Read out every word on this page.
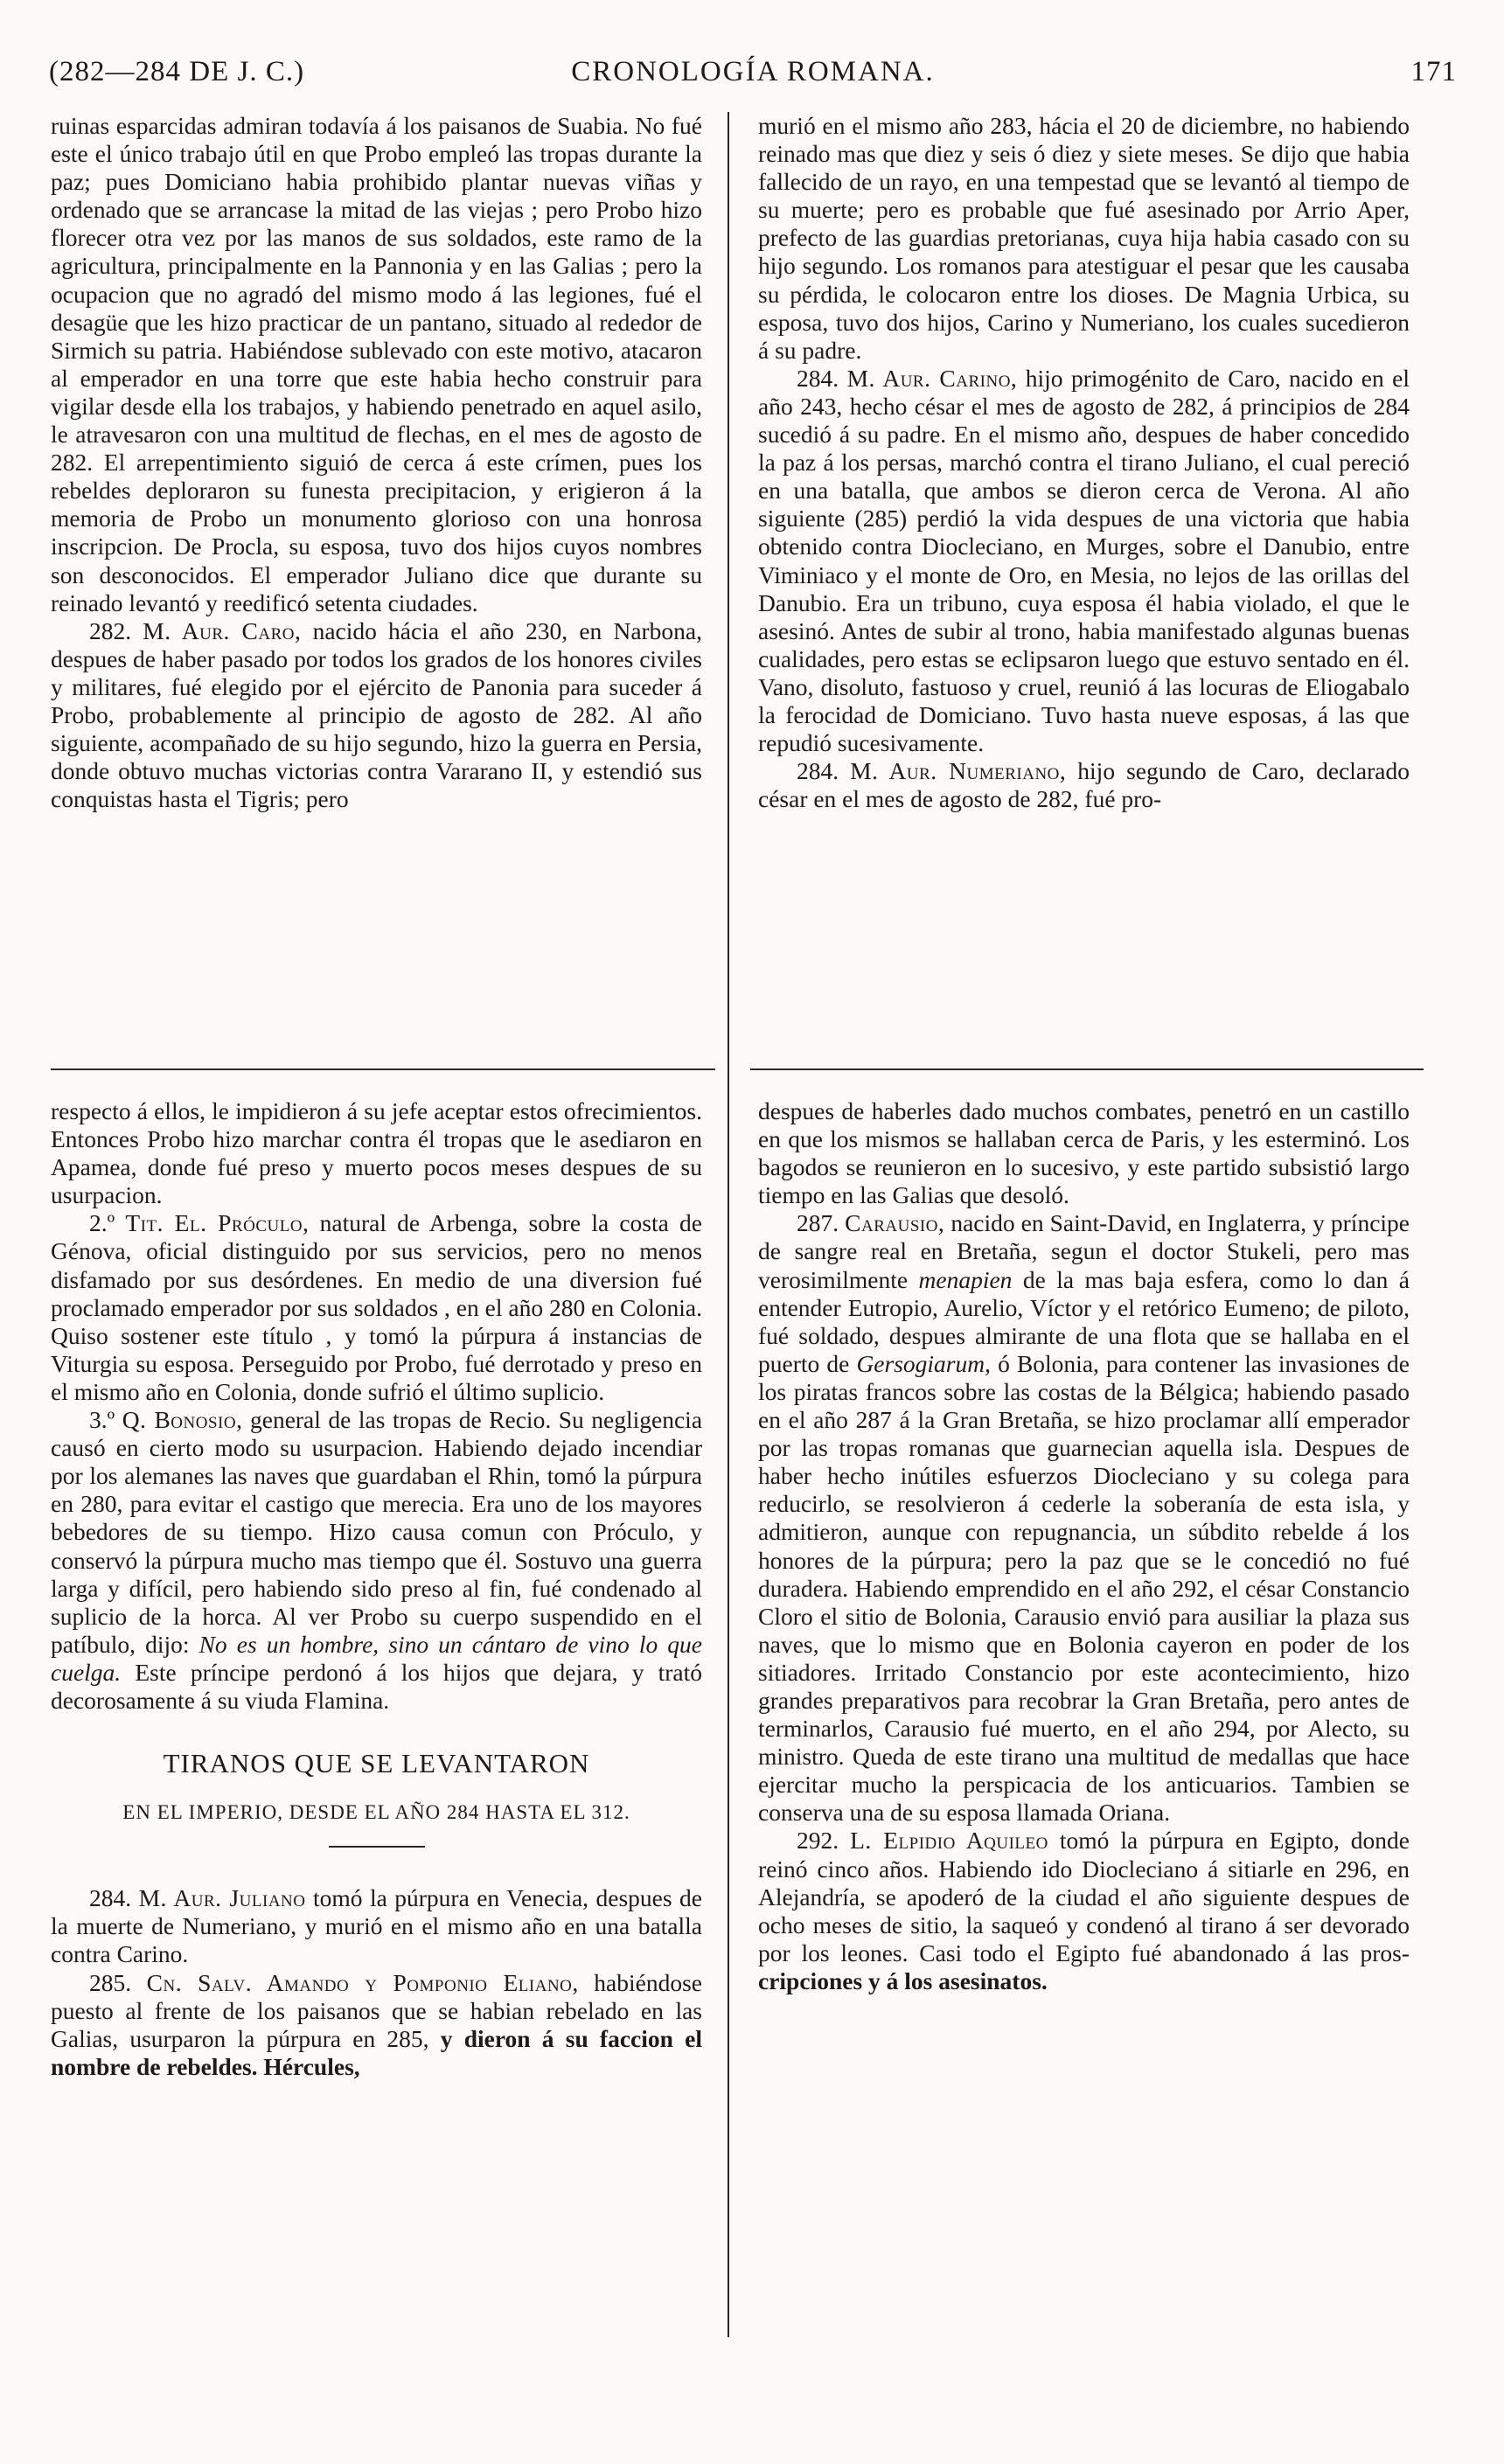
(282—284 DE J. C.)	CRONOLOGÍA ROMANA.	171

ruinas esparcidas admiran todavía á los paisanos de Suabia. No fué este el único trabajo útil en que Probo empleó las tropas durante la paz; pues Domiciano habia prohibido plantar nuevas viñas y ordenado que se arrancase la mitad de las viejas ; pero Probo hizo florecer otra vez por las manos de sus soldados, este ramo de la agricultura, principalmente en la Pannonia y en las Galias ; pero la ocupacion que no agradó del mismo modo á las legiones, fué el desagüe que les hizo practicar de un pantano, situado al rededor de Sirmich su patria. Habiéndose sublevado con este motivo, atacaron al emperador en una torre que este habia hecho construir para vigilar desde ella los trabajos, y habiendo penetrado en aquel asilo, le atravesaron con una multitud de flechas, en el mes de agosto de 282. El arrepentimiento siguió de cerca á este crímen, pues los rebeldes deploraron su funesta precipitacion, y erigieron á la memoria de Probo un monumento glorioso con una honrosa inscripcion. De Procla, su esposa, tuvo dos hijos cuyos nombres son desconocidos. El emperador Juliano dice que durante su reinado levantó y reedificó setenta ciudades.

282. M. Aur. Caro, nacido hácia el año 230, en Narbona, despues de haber pasado por todos los grados de los honores civiles y militares, fué elegido por el ejército de Panonia para suceder á Probo, probablemente al principio de agosto de 282. Al año siguiente, acompañado de su hijo segundo, hizo la guerra en Persia, donde obtuvo muchas victorias contra Vararano II, y estendió sus conquistas hasta el Tigris; pero

murió en el mismo año 283, hácia el 20 de diciembre, no habiendo reinado mas que diez y seis ó diez y siete meses. Se dijo que habia fallecido de un rayo, en una tempestad que se levantó al tiempo de su muerte; pero es probable que fué asesinado por Arrio Aper, prefecto de las guardias pretorianas, cuya hija habia casado con su hijo segundo. Los romanos para atestiguar el pesar que les causaba su pérdida, le colocaron entre los dioses. De Magnia Urbica, su esposa, tuvo dos hijos, Carino y Numeriano, los cuales sucedieron á su padre.

284. M. Aur. Carino, hijo primogénito de Caro, nacido en el año 243, hecho césar el mes de agosto de 282, á principios de 284 sucedió á su padre. En el mismo año, despues de haber concedido la paz á los persas, marchó contra el tirano Juliano, el cual pereció en una batalla, que ambos se dieron cerca de Verona. Al año siguiente (285) perdió la vida despues de una victoria que habia obtenido contra Diocleciano, en Murges, sobre el Danubio, entre Viminiaco y el monte de Oro, en Mesia, no lejos de las orillas del Danubio. Era un tribuno, cuya esposa él habia violado, el que le asesinó. Antes de subir al trono, habia manifestado algunas buenas cualidades, pero estas se eclipsaron luego que estuvo sentado en él. Vano, disoluto, fastuoso y cruel, reunió á las locuras de Eliogabalo la ferocidad de Domiciano. Tuvo hasta nueve esposas, á las que repudió sucesivamente.

284. M. Aur. Numeriano, hijo segundo de Caro, declarado césar en el mes de agosto de 282, fué pro-

respecto á ellos, le impidieron á su jefe aceptar estos ofrecimientos. Entonces Probo hizo marchar contra él tropas que le asediaron en Apamea, donde fué preso y muerto pocos meses despues de su usurpacion.

2.º Tit. El. Próculo, natural de Arbenga, sobre la costa de Génova, oficial distinguido por sus servicios, pero no menos disfamado por sus desórdenes. En medio de una diversion fué proclamado emperador por sus soldados , en el año 280 en Colonia. Quiso sostener este título , y tomó la púrpura á instancias de Viturgia su esposa. Perseguido por Probo, fué derrotado y preso en el mismo año en Colonia, donde sufrió el último suplicio.

3.º Q. Bonosio, general de las tropas de Recio. Su negligencia causó en cierto modo su usurpacion. Habiendo dejado incendiar por los alemanes las naves que guardaban el Rhin, tomó la púrpura en 280, para evitar el castigo que merecia. Era uno de los mayores bebedores de su tiempo. Hizo causa comun con Próculo, y conservó la púrpura mucho mas tiempo que él. Sostuvo una guerra larga y difícil, pero habiendo sido preso al fin, fué condenado al suplicio de la horca. Al ver Probo su cuerpo suspendido en el patíbulo, dijo: No es un hombre, sino un cántaro de vino lo que cuelga. Este príncipe perdonó á los hijos que dejara, y trató decorosamente á su viuda Flamina.

TIRANOS QUE SE LEVANTARON
EN EL IMPERIO, DESDE EL AÑO 284 HASTA EL 312.

284. M. Aur. Juliano tomó la púrpura en Venecia, despues de la muerte de Numeriano, y murió en el mismo año en una batalla contra Carino.

285. Cn. Salv. Amando y Pomponio Eliano, habiéndose puesto al frente de los paisanos que se habian rebelado en las Galias, usurparon la púrpura en 285, y dieron á su faccion el nombre de rebeldes. Hércules,

despues de haberles dado muchos combates, penetró en un castillo en que los mismos se hallaban cerca de Paris, y les esterminó. Los bagodos se reunieron en lo sucesivo, y este partido subsistió largo tiempo en las Galias que desoló.

287. Carausio, nacido en Saint-David, en Inglaterra, y príncipe de sangre real en Bretaña, segun el doctor Stukeli, pero mas verosimilmente menapien de la mas baja esfera, como lo dan á entender Eutropio, Aurelio, Víctor y el retórico Eumeno; de piloto, fué soldado, despues almirante de una flota que se hallaba en el puerto de Gersogiarum, ó Bolonia, para contener las invasiones de los piratas francos sobre las costas de la Bélgica; habiendo pasado en el año 287 á la Gran Bretaña, se hizo proclamar allí emperador por las tropas romanas que guarnecian aquella isla. Despues de haber hecho inútiles esfuerzos Diocleciano y su colega para reducirlo, se resolvieron á cederle la soberanía de esta isla, y admitieron, aunque con repugnancia, un súbdito rebelde á los honores de la púrpura; pero la paz que se le concedió no fué duradera. Habiendo emprendido en el año 292, el césar Constancio Cloro el sitio de Bolonia, Carausio envió para ausiliar la plaza sus naves, que lo mismo que en Bolonia cayeron en poder de los sitiadores. Irritado Constancio por este acontecimiento, hizo grandes preparativos para recobrar la Gran Bretaña, pero antes de terminarlos, Carausio fué muerto, en el año 294, por Alecto, su ministro. Queda de este tirano una multitud de medallas que hace ejercitar mucho la perspicacia de los anticuarios. Tambien se conserva una de su esposa llamada Oriana.

292. L. Elpidio Aquileo tomó la púrpura en Egipto, donde reinó cinco años. Habiendo ido Diocleciano á sitiarle en 296, en Alejandría, se apoderó de la ciudad el año siguiente despues de ocho meses de sitio, la saqueó y condenó al tirano á ser devorado por los leones. Casi todo el Egipto fué abandonado á las pros- cripciones y á los asesinatos.
